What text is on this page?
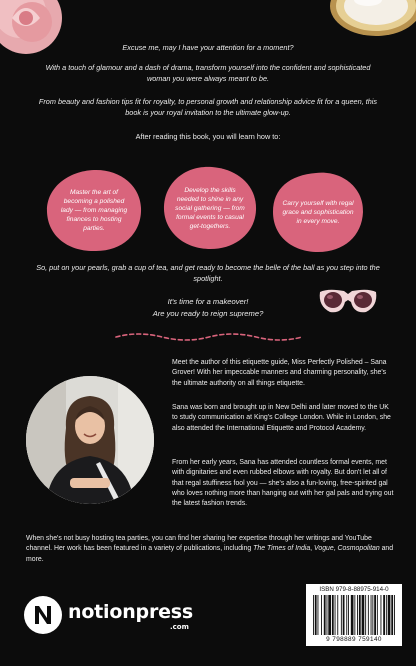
Excuse me, may I have your attention for a moment?

With a touch of glamour and a dash of drama, transform yourself into the confident and sophisticated woman you were always meant to be.

From beauty and fashion tips fit for royalty, to personal growth and relationship advice fit for a queen, this book is your royal invitation to the ultimate glow-up.

After reading this book, you will learn how to:

Master the art of becoming a polished lady — from managing finances to hosting parties.
Develop the skills needed to shine in any social gathering — from formal events to casual get-togethers.
Carry yourself with regal grace and sophistication in every move.

So, put on your pearls, grab a cup of tea, and get ready to become the belle of the ball as you step into the spotlight.

It's time for a makeover!
Are you ready to reign supreme?

Meet the author of this etiquette guide, Miss Perfectly Polished – Sana Grover! With her impeccable manners and charming personality, she's the ultimate authority on all things etiquette.

Sana was born and brought up in New Delhi and later moved to the UK to study communication at King's College London. While in London, she also attended the International Etiquette and Protocol Academy.

From her early years, Sana has attended countless formal events, met with dignitaries and even rubbed elbows with royalty. But don't let all of that regal stuffiness fool you — she's also a fun-loving, free-spirited gal who loves nothing more than hanging out with her gal pals and trying out the latest fashion trends.

When she's not busy hosting tea parties, you can find her sharing her expertise through her writings and YouTube channel. Her work has been featured in a variety of publications, including The Times of India, Vogue, Cosmopolitan and more.

notionpress
.com
ISBN 979-8-88975-914-0
9 798889 759140
